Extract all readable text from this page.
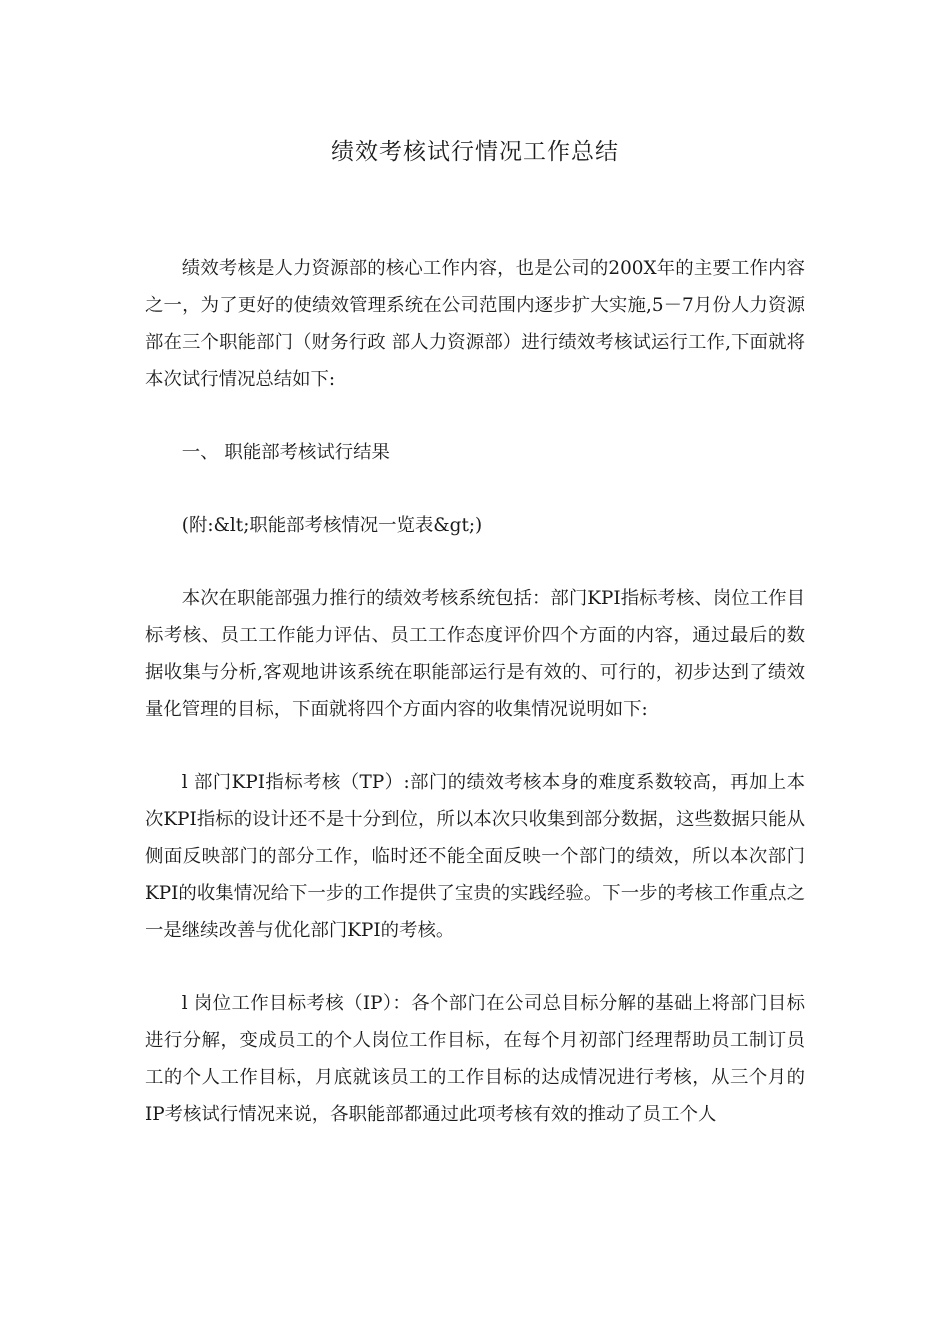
绩效考核试行情况工作总结

绩效考核是人力资源部的核心工作内容，也是公司的200X年的主要工作内容之一，为了更好的使绩效管理系统在公司范围内逐步扩大实施,5－7月份人力资源部在三个职能部门（财务行政 部人力资源部）进行绩效考核试运行工作,下面就将本次试行情况总结如下:

一、 职能部考核试行结果

(附:&lt;职能部考核情况一览表&gt;)

本次在职能部强力推行的绩效考核系统包括：部门KPI指标考核、岗位工作目标考核、员工工作能力评估、员工工作态度评价四个方面的内容，通过最后的数据收集与分析,客观地讲该系统在职能部运行是有效的、可行的，初步达到了绩效量化管理的目标，下面就将四个方面内容的收集情况说明如下:

l 部门KPI指标考核（TP）:部门的绩效考核本身的难度系数较高，再加上本次KPI指标的设计还不是十分到位，所以本次只收集到部分数据，这些数据只能从侧面反映部门的部分工作，临时还不能全面反映一个部门的绩效，所以本次部门KPI的收集情况给下一步的工作提供了宝贵的实践经验。下一步的考核工作重点之一是继续改善与优化部门KPI的考核。

l 岗位工作目标考核（IP）：各个部门在公司总目标分解的基础上将部门目标进行分解，变成员工的个人岗位工作目标，在每个月初部门经理帮助员工制订员工的个人工作目标，月底就该员工的工作目标的达成情况进行考核，从三个月的IP考核试行情况来说，各职能部都通过此项考核有效的推动了员工个人
